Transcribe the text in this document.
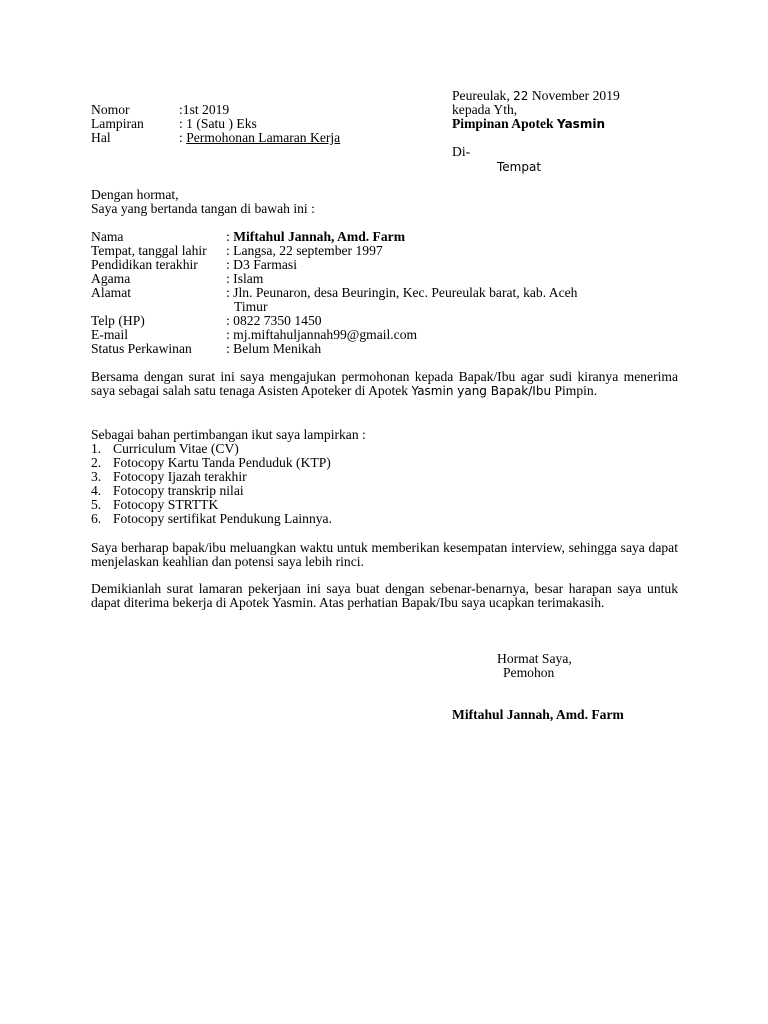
Peureulak, 22 November 2019
kepada Yth,
Pimpinan Apotek Yasmin
Di-
Tempat
Nomor	:1st 2019
Lampiran	: 1 (Satu ) Eks
Hal	: Permohonan Lamaran Kerja
Dengan hormat,
Saya yang bertanda tangan di bawah ini :
Nama	: Miftahul Jannah, Amd. Farm
Tempat, tanggal lahir : Langsa, 22 september 1997
Pendidikan terakhir : D3 Farmasi
Agama	: Islam
Alamat	: Jln. Peunaron, desa Beuringin, Kec. Peureulak barat, kab. Aceh
Timur
Telp (HP)	: 0822 7350 1450
E-mail	: mj.miftahuljannah99@gmail.com
Status Perkawinan	: Belum Menikah

Bersama dengan surat ini saya mengajukan permohonan kepada Bapak/Ibu agar sudi kiranya menerima saya sebagai salah satu tenaga Asisten Apoteker di Apotek Yasmin yang Bapak/Ibu Pimpin.

Sebagai bahan pertimbangan ikut saya lampirkan :
1. Curriculum Vitae (CV)
2. Fotocopy Kartu Tanda Penduduk (KTP)
3. Fotocopy Ijazah terakhir
4. Fotocopy transkrip nilai
5. Fotocopy STRTTK
6. Fotocopy sertifikat Pendukung Lainnya.

Saya berharap bapak/ibu meluangkan waktu untuk memberikan kesempatan interview, sehingga saya dapat menjelaskan keahlian dan potensi saya lebih rinci.

Demikianlah surat lamaran pekerjaan ini saya buat dengan sebenar-benarnya, besar harapan saya untuk dapat diterima bekerja di Apotek Yasmin. Atas perhatian Bapak/Ibu saya ucapkan terimakasih.

Hormat Saya,
Pemohon
Miftahul Jannah, Amd. Farm
